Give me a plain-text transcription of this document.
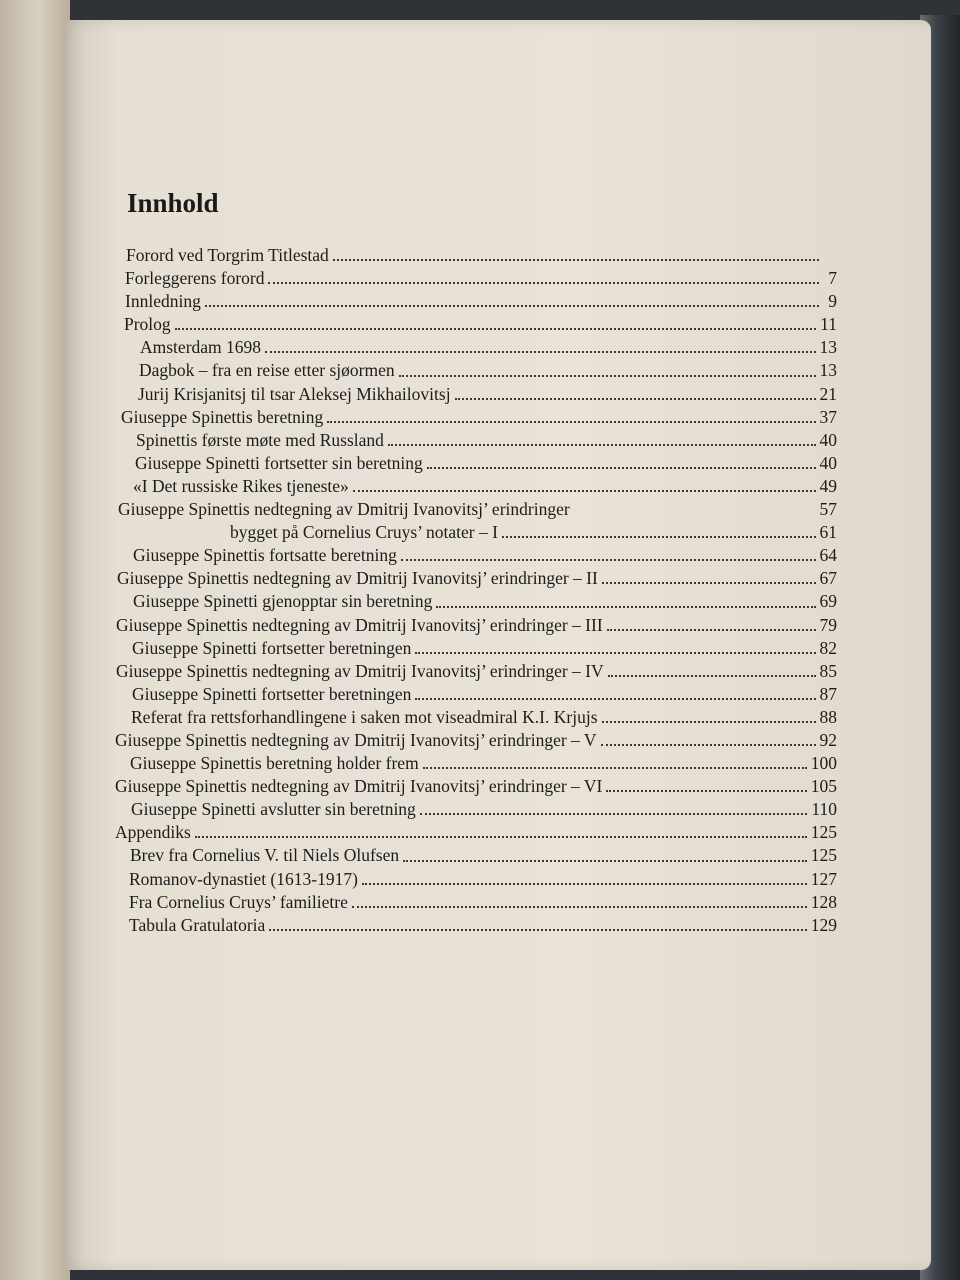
Innhold
Forord ved Torgrim Titlestad
Forleggerens forord	7
Innledning	9
Prolog	11
Amsterdam 1698	13
Dagbok – fra en reise etter sjøormen	13
Jurij Krisjanitsj til tsar Aleksej Mikhailovitsj	21
Giuseppe Spinettis beretning	37
Spinettis første møte med Russland	40
Giuseppe Spinetti fortsetter sin beretning	40
«I Det russiske Rikes tjeneste»	49
Giuseppe Spinettis nedtegning av Dmitrij Ivanovitsj’ erindringer	57
bygget på Cornelius Cruys’ notater – I	61
Giuseppe Spinettis fortsatte beretning	64
Giuseppe Spinettis nedtegning av Dmitrij Ivanovitsj’ erindringer – II	67
Giuseppe Spinetti gjenopptar sin beretning	69
Giuseppe Spinettis nedtegning av Dmitrij Ivanovitsj’ erindringer – III	79
Giuseppe Spinetti fortsetter beretningen	82
Giuseppe Spinettis nedtegning av Dmitrij Ivanovitsj’ erindringer – IV	85
Giuseppe Spinetti fortsetter beretningen	87
Referat fra rettsforhandlingene i saken mot viseadmiral K.I. Krjujs	88
Giuseppe Spinettis nedtegning av Dmitrij Ivanovitsj’ erindringer – V	92
Giuseppe Spinettis beretning holder frem	100
Giuseppe Spinettis nedtegning av Dmitrij Ivanovitsj’ erindringer – VI	105
Giuseppe Spinetti avslutter sin beretning	110
Appendiks	125
Brev fra Cornelius V. til Niels Olufsen	125
Romanov-dynastiet (1613-1917)	127
Fra Cornelius Cruys’ familietre	128
Tabula Gratulatoria	129
